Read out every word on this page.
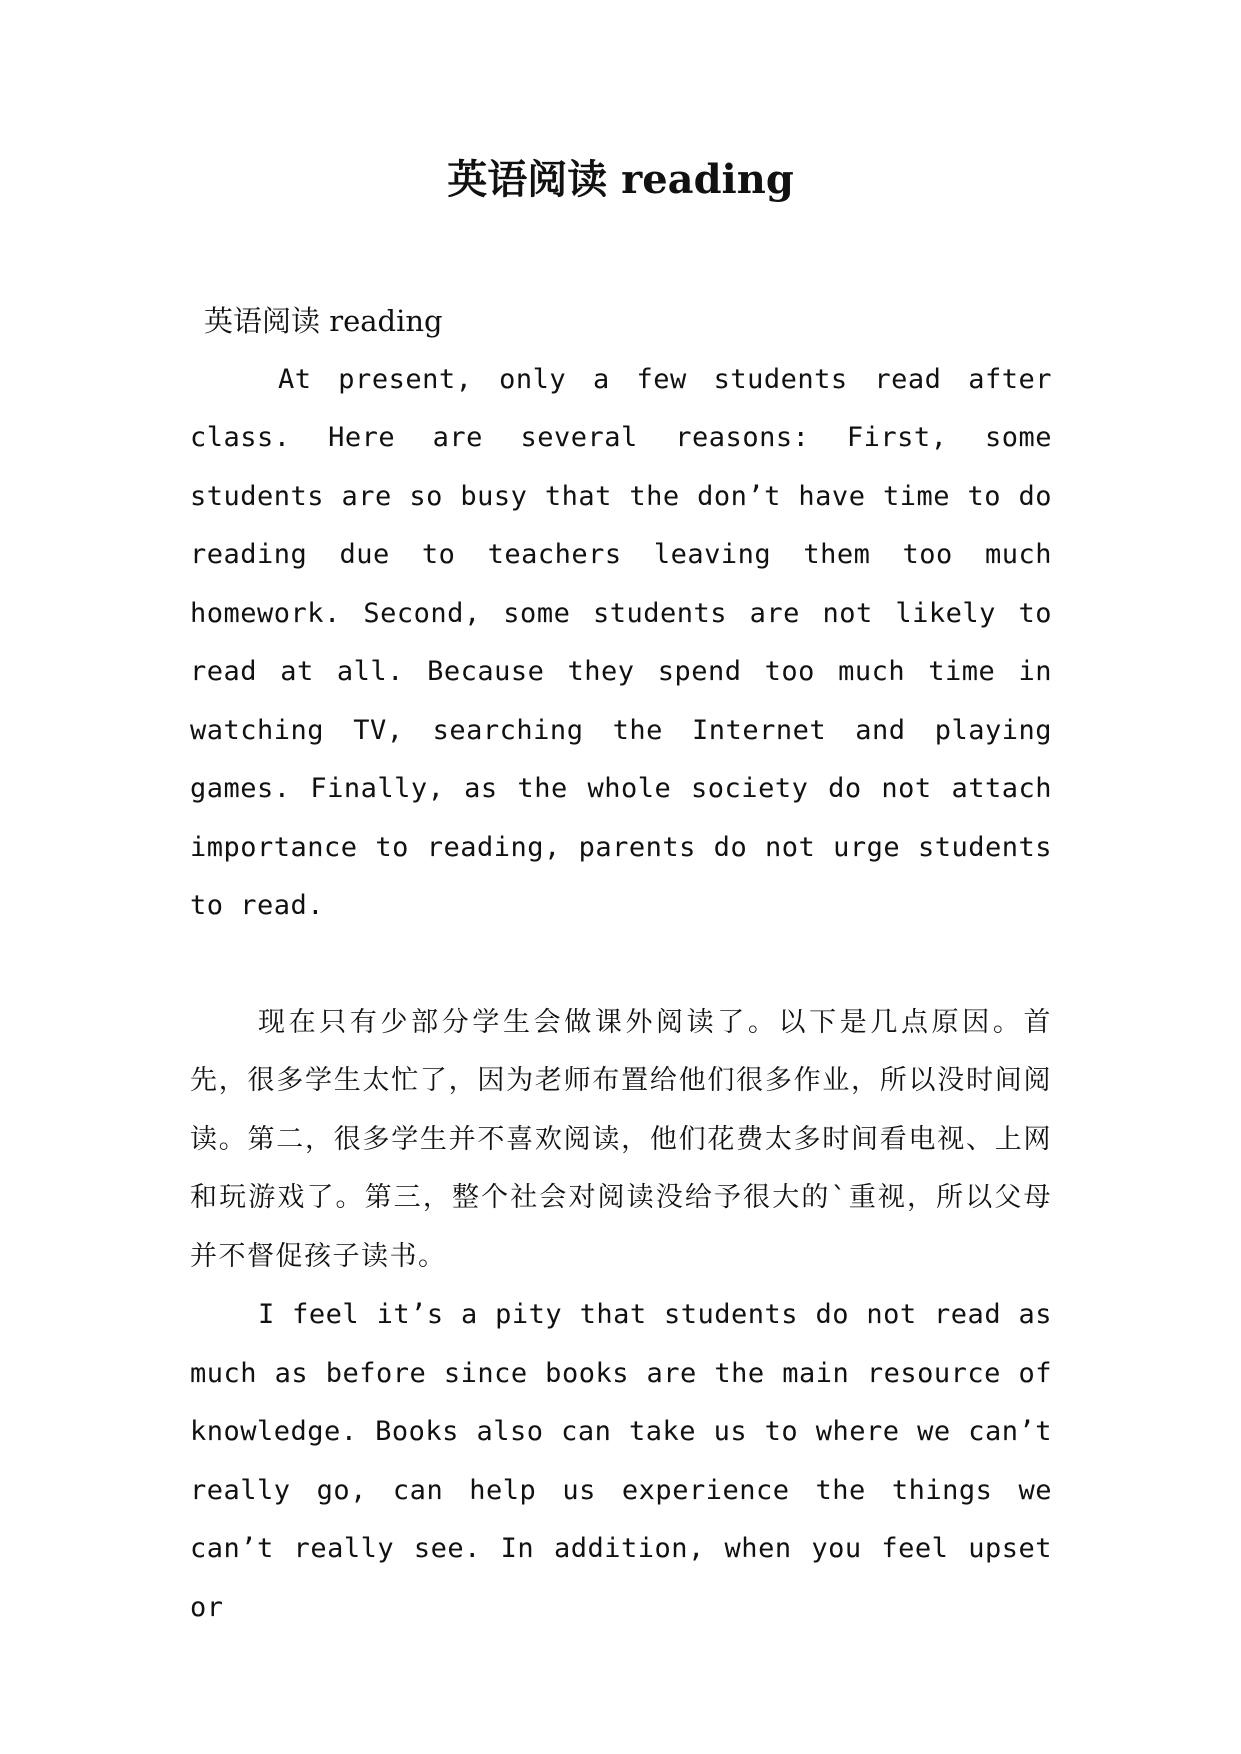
英语阅读 reading

英语阅读 reading

At present, only a few students read after class. Here are several reasons: First, some students are so busy that the don’t have time to do reading due to teachers leaving them too much homework. Second, some students are not likely to read at all. Because they spend too much time in watching TV, searching the Internet and playing games. Finally, as the whole society do not attach importance to reading, parents do not urge students to read.

现在只有少部分学生会做课外阅读了。以下是几点原因。首先，很多学生太忙了，因为老师布置给他们很多作业，所以没时间阅读。第二，很多学生并不喜欢阅读，他们花费太多时间看电视、上网和玩游戏了。第三，整个社会对阅读没给予很大的`重视，所以父母并不督促孩子读书。

I feel it’s a pity that students do not read as much as before since books are the main resource of knowledge. Books also can take us to where we can’t really go, can help us experience the things we can’t really see. In addition, when you feel upset or
